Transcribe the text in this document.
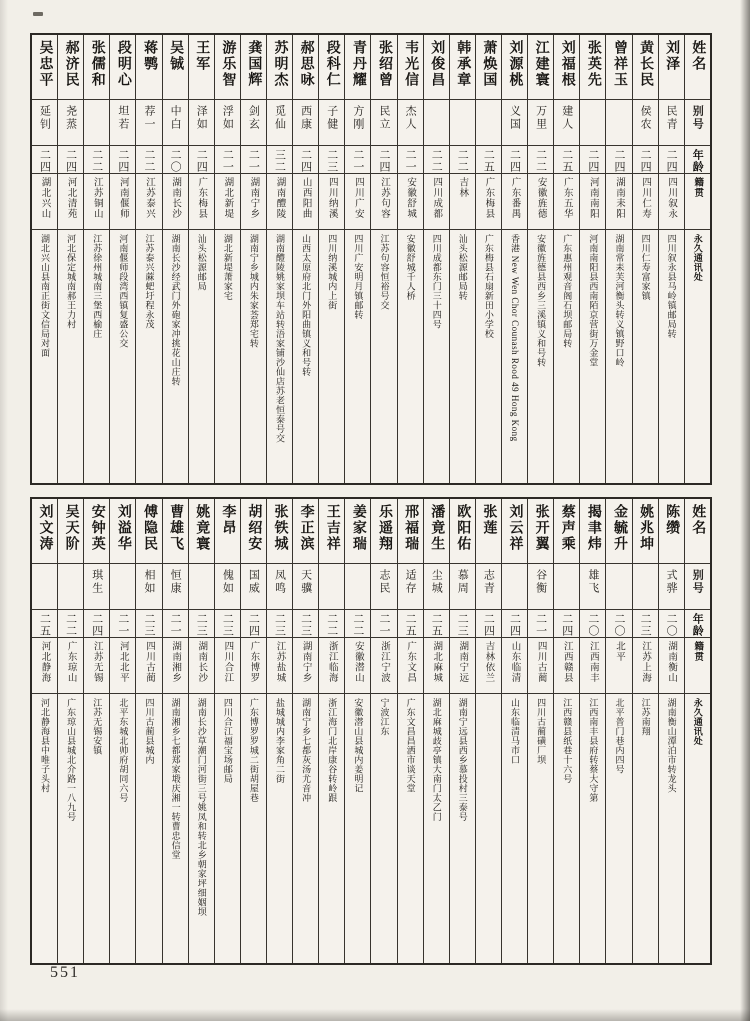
吴忠平
延钊
二四
湖北兴山
湖北兴山县南正街文信局对面
郝济民
尧蒸
二四
河北清苑
河北保定城南郝王力村
张儒和
二二
江苏铜山
江苏徐州城南三堡西榆庄
段明心
坦若
二四
河南偃师
河南偃师段湾西镇复盛公交
蒋鹗
荐一
二二
江苏泰兴
江苏泰兴蔴蚆圩程永茂
吴铖
中白
二〇
湖南长沙
湖南长沙经武门外砲家冲挑花山庄转
王军
泽如
二四
广东梅县
汕头松源邮局
游乐智
浮如
二一
湖北新堤
湖北新堤萧家宅
龚国辉
剑玄
二一
湖南宁乡
湖南宁乡城内朱家荟郑宅转
苏明杰
觅仙
三二
湖南醴陵
湖南醴陵姚家坝车站转浯家铺沙仙店苏老恒泰号交
郝思咏
西康
二四
山西阳曲
山西太原府北门外阳曲镇义和号转
段科仁
子健
二三
四川纳溪
四川纳溪城内上街
青丹耀
方刚
二一
四川广安
四川广安明月镇邮转
张绍曾
民立
二四
江苏句容
江苏句容恒裕号交
韦光信
杰人
二一
安徽舒城
安徽舒城千人桥
刘俊昌
二二
四川成都
四川成都东门三十四号
韩承章
二二
吉林
汕头松源邮局转
萧焕国
二五
广东梅县
广东梅县石扇新田小学校
刘源桃
义国
二四
广东番禺
香港 New Wen Chor Counash Rood 49 Hong Kong
江建寰
万里
二二
安徽旌德
安徽旌德县西乡三溪镇义和号转
刘福根
建人
二五
广东五华
广东惠州观音阁石坝邮局转
张英先
二四
河南南阳
河南南阳县西南陌京营街万金堂
曾祥玉
二四
湖南耒阳
湖南常耒芙河衡头转义镇野口岭
黄长民
侯农
二四
四川仁寿
四川仁寿富家镇
刘泽
民青
二四
四川叙永
四川叙永县马岭镇邮局转
姓名
别号
年龄
籍贯
永久通讯处
刘文涛
二五
河北静海
河北静海县中唯子头村
吴天阶
二二
广东琼山
广东琼山县城北介路一八九号
安钟英
琪生
二四
江苏无锡
江苏无锡安镇
刘溢华
二一
河北北平
北平东城北帅府胡同六号
傅隐民
相如
二三
四川古蔺
四川古蔺县城内
曹雄飞
恒康
二一
湖南湘乡
湖南湘乡七都郑家塅庆湘一转曹忠信堂
姚竟寰
二三
湖南长沙
湖南长沙草潮门河街三号姚凤和转北乡朝家坪细姻坝
李昂
傀如
二三
四川合江
四川合江福宝场邮局
胡绍安
国威
二四
广东博罗
广东博罗罗城二街胡屋巷
张铁城
凤鸣
二三
江苏盐城
盐城城内李家角二街
李正滨
天骥
二三
湖南宁乡
湖南宁乡七都灰汤尤音冲
王吉祥
二二
浙江临海
浙江海门北岸康谷转岭跟
姜家瑞
二二
安徽潜山
安徽潜山县城内姜明记
乐遥翔
志民
二一
浙江宁波
宁波江东
邢福瑞
适存
二五
广东文昌
广东文昌昌洒市谈天堂
潘竟生
尘城
二五
湖北麻城
湖北麻城歧亭镇大南门太乙门
欧阳佑
慕周
二三
湖南宁远
湖南宁远县西乡慕投村三泰号
张莲
志青
二四
吉林依兰
刘云祥
二四
山东临清
山东临清马市口
张开翼
谷衡
二一
四川古蔺
四川古蔺磺厂坝
蔡声乘
二四
江西赣县
江西赣县纸巷十六号
揭聿炜
雄飞
二〇
江西南丰
江西南丰县府转蔡大守第
金毓升
二〇
北平
北平普门巷内四号
姚兆坤
二三
江苏上海
江苏南翔
陈缵
式骅
二〇
湖南衡山
湖南衡山潭泊市转龙头
姓名
别号
年龄
籍贯
永久通讯处
551
